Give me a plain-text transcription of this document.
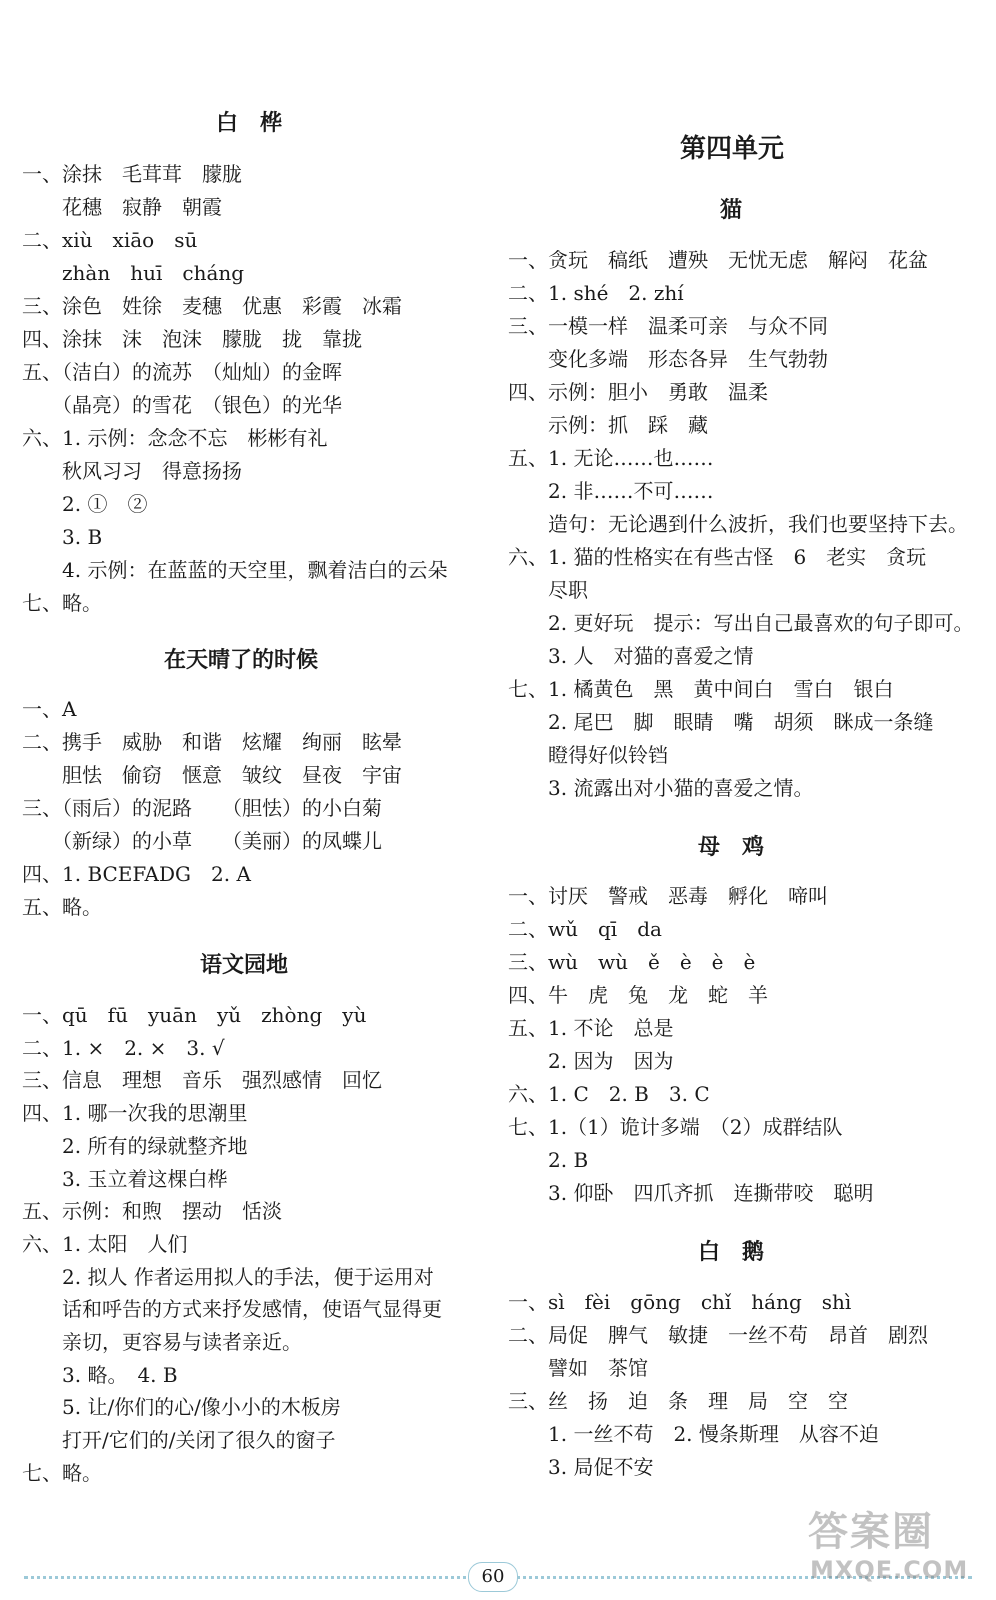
白　桦
一、涂抹　毛茸茸　朦胧
　　花穗　寂静　朝霞
二、xiù　xiāo　sū
　　zhàn　huī　cháng
三、涂色　姓徐　麦穗　优惠　彩霞　冰霜
四、涂抹　沫　泡沫　朦胧　拢　靠拢
五、（洁白）的流苏　（灿灿）的金晖
　　（晶亮）的雪花　（银色）的光华
六、1. 示例：念念不忘　彬彬有礼
　　秋风习习　得意扬扬
　　2. ①　②
　　3. B
　　4. 示例：在蓝蓝的天空里，飘着洁白的云朵
七、略。
在天晴了的时候
一、A
二、携手　威胁　和谐　炫耀　绚丽　眩晕
　　胆怯　偷窃　惬意　皱纹　昼夜　宇宙
三、（雨后）的泥路　　（胆怯）的小白菊
　　（新绿）的小草　　（美丽）的凤蝶儿
四、1. BCEFADG　2. A
五、略。
语文园地
一、qū　fū　yuān　yǔ　zhòng　yù
二、1. ×　2. ×　3. √
三、信息　理想　音乐　强烈感情　回忆
四、1. 哪一次我的思潮里
　　2. 所有的绿就整齐地
　　3. 玉立着这棵白桦
五、示例：和煦　摆动　恬淡
六、1. 太阳　人们
　　2. 拟人 作者运用拟人的手法，便于运用对
　　话和呼告的方式来抒发感情，使语气显得更
　　亲切，更容易与读者亲近。
　　3. 略。　4. B
　　5. 让/你们的心/像小小的木板房
　　打开/它们的/关闭了很久的窗子
七、略。
第四单元
猫
一、贪玩　稿纸　遭殃　无忧无虑　解闷　花盆
二、1. shé　2. zhí
三、一模一样　温柔可亲　与众不同
　　变化多端　形态各异　生气勃勃
四、示例：胆小　勇敢　温柔
　　示例：抓　踩　藏
五、1. 无论……也……
　　2. 非……不可……
　　造句：无论遇到什么波折，我们也要坚持下去。
六、1. 猫的性格实在有些古怪　6　老实　贪玩
　　尽职
　　2. 更好玩　提示：写出自己最喜欢的句子即可。
　　3. 人　对猫的喜爱之情
七、1. 橘黄色　黑　黄中间白　雪白　银白
　　2. 尾巴　脚　眼睛　嘴　胡须　眯成一条缝
　　瞪得好似铃铛
　　3. 流露出对小猫的喜爱之情。
母　鸡
一、讨厌　警戒　恶毒　孵化　啼叫
二、wǔ　qī　da
三、wù　wù　ě　è　è　è
四、牛　虎　兔　龙　蛇　羊
五、1. 不论　总是
　　2. 因为　因为
六、1. C　2. B　3. C
七、1.（1）诡计多端　（2）成群结队
　　2. B
　　3. 仰卧　四爪齐抓　连撕带咬　聪明
白　鹅
一、sì　fèi　gōng　chǐ　háng　shì
二、局促　脾气　敏捷　一丝不苟　昂首　剧烈
　　譬如　茶馆
三、丝　扬　迫　条　理　局　空　空
　　1. 一丝不苟　2. 慢条斯理　从容不迫
　　3. 局促不安
60
答案圈
MXQE.COM
